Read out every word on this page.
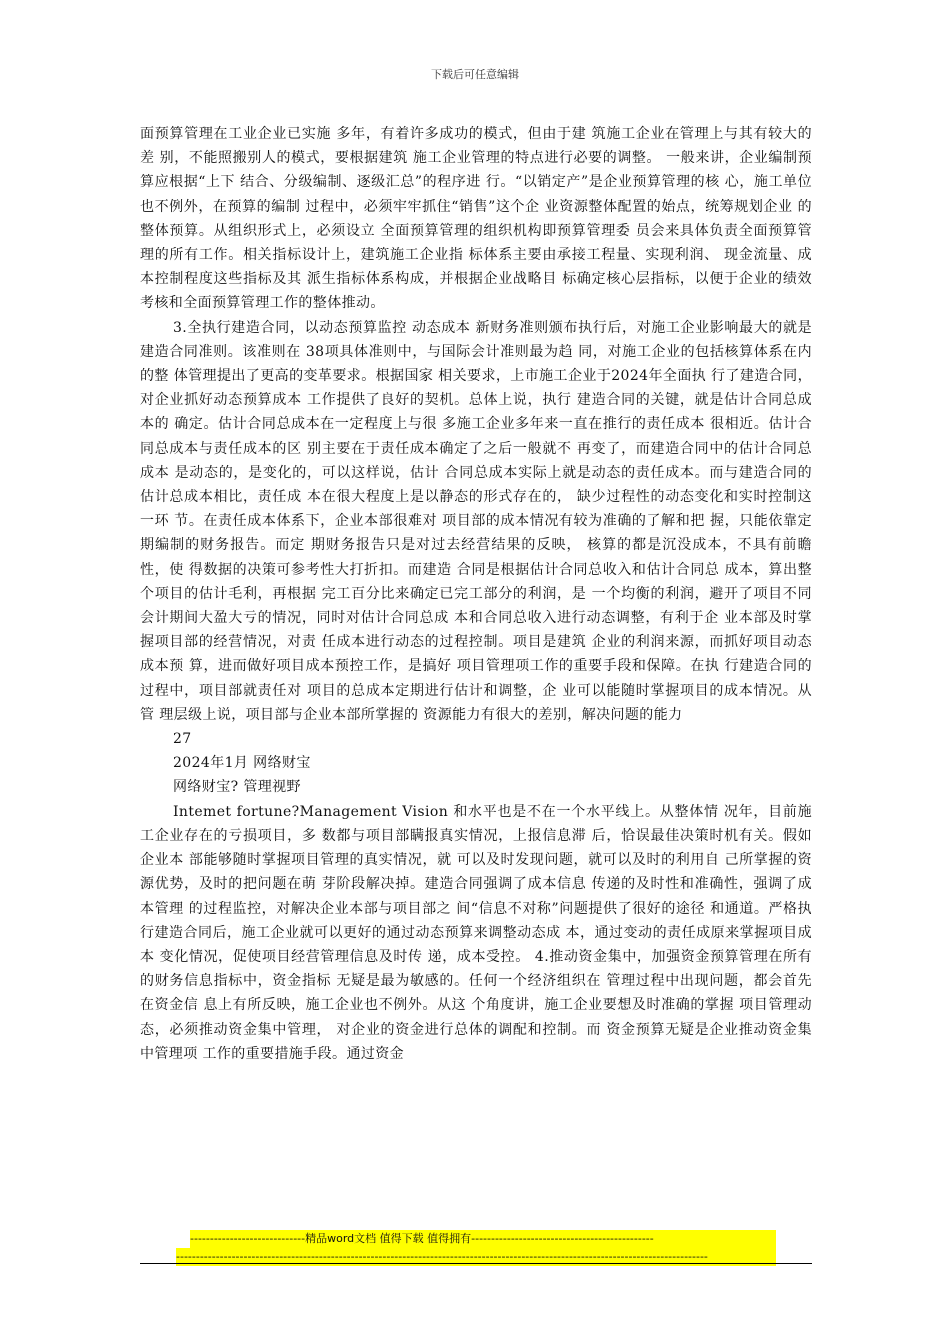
下载后可任意编辑

面预算管理在工业企业已实施 多年，有着许多成功的模式，但由于建 筑施工企业在管理上与其有较大的差 别，不能照搬别人的模式，要根据建筑 施工企业管理的特点进行必要的调整。 一般来讲，企业编制预算应根据“上下 结合、分级编制、逐级汇总”的程序进 行。“以销定产”是企业预算管理的核 心，施工单位也不例外，在预算的编制 过程中，必须牢牢抓住“销售”这个企 业资源整体配置的始点，统筹规划企业 的整体预算。从组织形式上，必须设立 全面预算管理的组织机构即预算管理委 员会来具体负责全面预算管理的所有工作。相关指标设计上，建筑施工企业指 标体系主要由承接工程量、实现利润、 现金流量、成本控制程度这些指标及其 派生指标体系构成，并根据企业战略目 标确定核心层指标，以便于企业的绩效 考核和全面预算管理工作的整体推动。

3.全执行建造合同，以动态预算监控 动态成本 新财务准则颁布执行后，对施工企业影响最大的就是建造合同准则。该准则在 38项具体准则中，与国际会计准则最为趋 同，对施工企业的包括核算体系在内的整 体管理提出了更高的变革要求。根据国家 相关要求，上市施工企业于2024年全面执 行了建造合同，对企业抓好动态预算成本 工作提供了良好的契机。总体上说，执行 建造合同的关键，就是估计合同总成本的 确定。估计合同总成本在一定程度上与很 多施工企业多年来一直在推行的责任成本 很相近。估计合同总成本与责任成本的区 别主要在于责任成本确定了之后一般就不 再变了，而建造合同中的估计合同总成本 是动态的，是变化的，可以这样说，估计 合同总成本实际上就是动态的责任成本。而与建造合同的估计总成本相比，责任成 本在很大程度上是以静态的形式存在的， 缺少过程性的动态变化和实时控制这一环 节。在责任成本体系下，企业本部很难对 项目部的成本情况有较为准确的了解和把 握，只能依靠定期编制的财务报告。而定 期财务报告只是对过去经营结果的反映， 核算的都是沉没成本，不具有前瞻性，使 得数据的决策可参考性大打折扣。而建造 合同是根据估计合同总收入和估计合同总 成本，算出整个项目的估计毛利，再根据 完工百分比来确定已完工部分的利润，是 一个均衡的利润，避开了项目不同会计期间大盈大亏的情况，同时对估计合同总成 本和合同总收入进行动态调整，有利于企 业本部及时掌握项目部的经营情况，对责 任成本进行动态的过程控制。项目是建筑 企业的利润来源，而抓好项目动态成本预 算，进而做好项目成本预控工作，是搞好 项目管理项工作的重要手段和保障。在执 行建造合同的过程中，项目部就责任对 项目的总成本定期进行估计和调整，企 业可以能随时掌握项目的成本情况。从管 理层级上说，项目部与企业本部所掌握的 资源能力有很大的差别，解决问题的能力

27

2024年1月 网络财宝

网络财宝? 管理视野

Intemet fortune?Management Vision 和水平也是不在一个水平线上。从整体情 况年，目前施工企业存在的亏损项目，多 数都与项目部瞒报真实情况，上报信息滞 后，恰误最佳决策时机有关。假如企业本 部能够随时掌握项目管理的真实情况，就 可以及时发现问题，就可以及时的利用自 己所掌握的资源优势，及时的把问题在萌 芽阶段解决掉。建造合同强调了成本信息 传递的及时性和准确性，强调了成本管理 的过程监控，对解决企业本部与项目部之 间“信息不对称”问题提供了很好的途径 和通道。严格执行建造合同后，施工企业就可以更好的通过动态预算来调整动态成 本，通过变动的责任成原来掌握项目成本 变化情况，促使项目经营管理信息及时传 递，成本受控。 4.推动资金集中，加强资金预算管理在所有的财务信息指标中，资金指标 无疑是最为敏感的。任何一个经济组织在 管理过程中出现问题，都会首先在资金信 息上有所反映，施工企业也不例外。从这 个角度讲，施工企业要想及时准确的掌握 项目管理动态，必须推动资金集中管理， 对企业的资金进行总体的调配和控制。而 资金预算无疑是企业推动资金集中管理项 工作的重要措施手段。通过资金

-----------------------------精品word文档 值得下载 值得拥有----------------------------------------------
--------------------------------------------------------------------------------------------------------------------------------------
